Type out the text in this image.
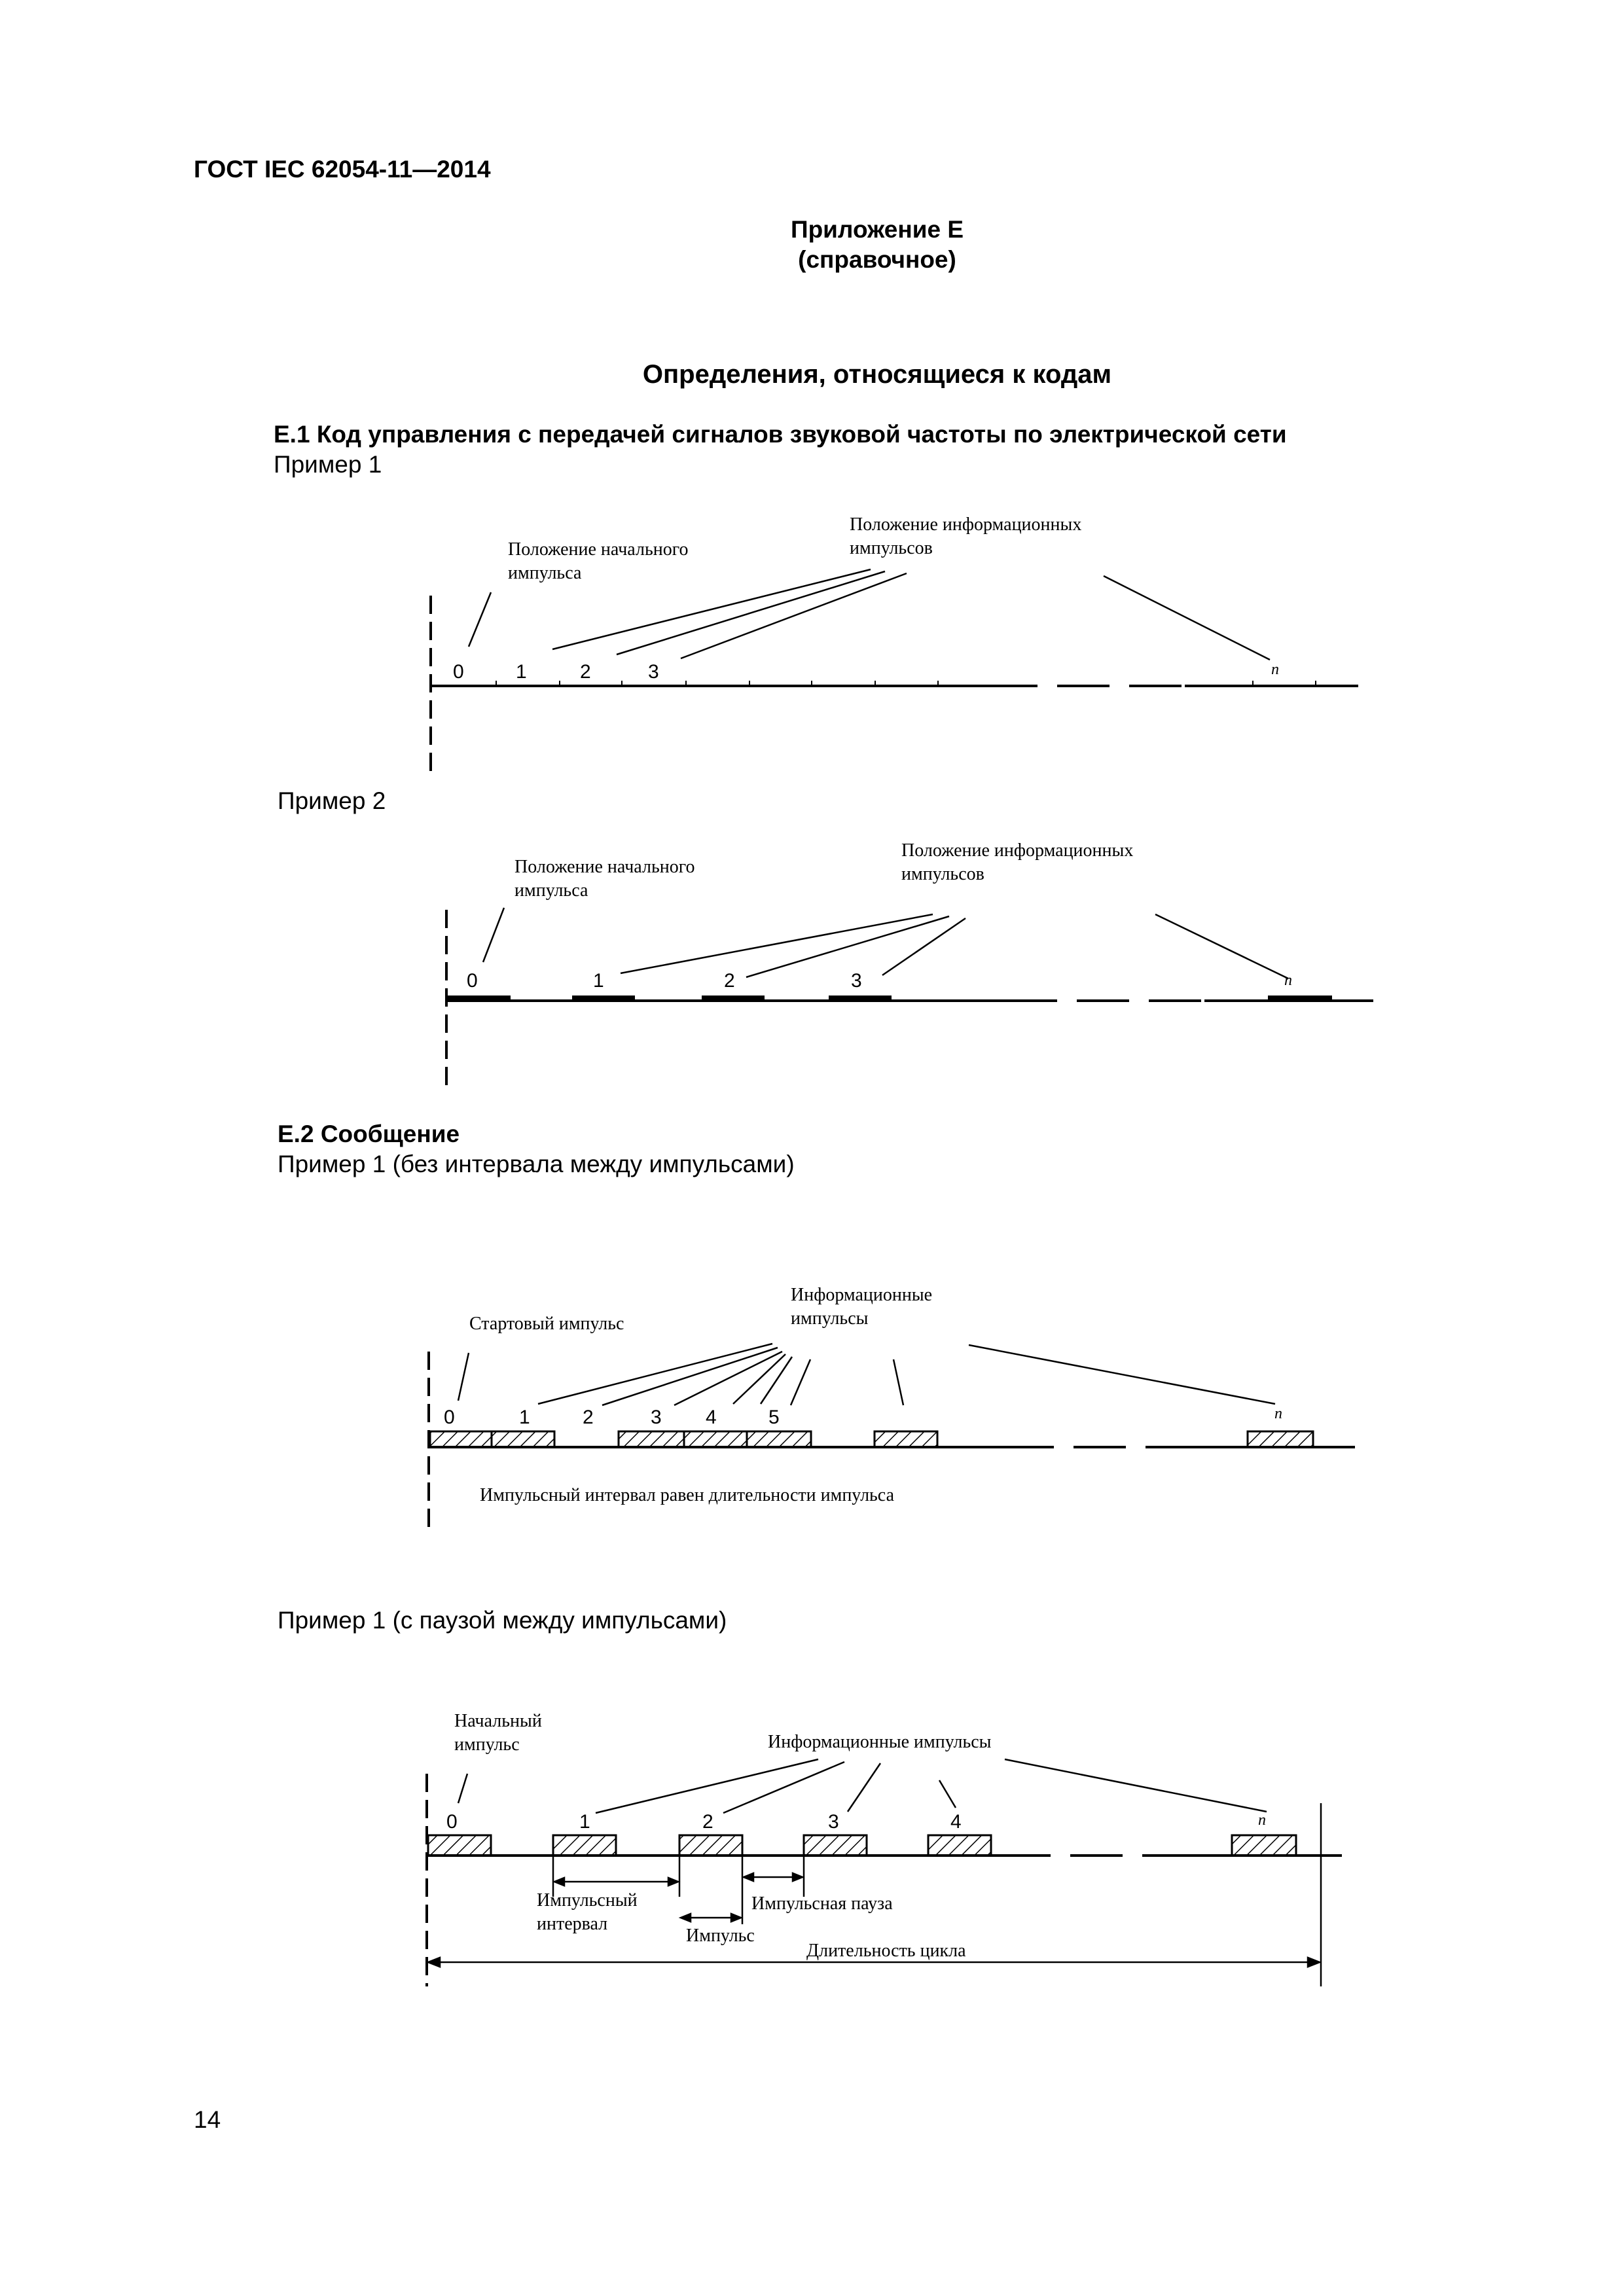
ГОСТ IEC 62054-11—2014

Приложение Е

(справочное)

Определения, относящиеся к кодам

Е.1 Код управления с передачей сигналов звуковой частоты по электрической сети

Пример 1

Положение начального
импульса
Положение информационных
импульсов
0	1	2	3	n

Пример 2

Положение начального
импульса
Положение информационных
импульсов
0	1	2	3	n

Е.2 Сообщение

Пример 1 (без интервала между импульсами)

Стартовый импульс
Информационные
импульсы
0	1	2	3 4	5	n
Импульсный интервал равен длительности импульса

Пример 1 (с паузой между импульсами)

Начальный
импульс	Информационные импульсы
0	1	2	3	4	n
Импульсный
интервал
Импульсная пауза
Импульс
Длительность цикла

14
